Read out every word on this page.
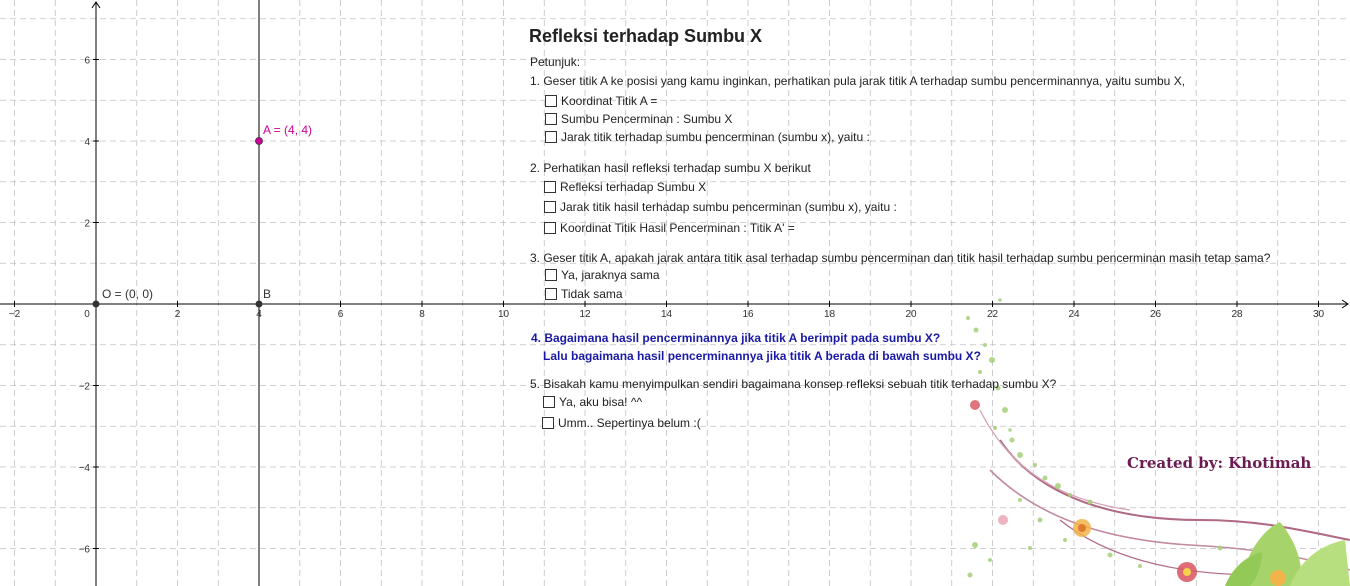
−2	0	2	4	6	8	10	12	14	16	18	20	22	24	26	28	30
6
4
2
−2
−4
−6
O = (0, 0)	B
A = (4, 4)
Refleksi terhadap Sumbu X
Petunjuk:
1. Geser titik A ke posisi yang kamu inginkan, perhatikan pula jarak titik A terhadap sumbu pencerminannya, yaitu sumbu X,
Koordinat Titik A =
Sumbu Pencerminan : Sumbu X
Jarak titik terhadap sumbu pencerminan (sumbu x), yaitu :
2. Perhatikan hasil refleksi terhadap sumbu X berikut
Refleksi terhadap Sumbu X
Jarak titik hasil terhadap sumbu pencerminan (sumbu x), yaitu :
Koordinat Titik Hasil Pencerminan : Titik A' =
3. Geser titik A, apakah jarak antara titik asal terhadap sumbu pencerminan dan titik hasil terhadap sumbu pencerminan masih tetap sama?
Ya, jaraknya sama
Tidak sama
4. Bagaimana hasil pencerminannya jika titik A berimpit pada sumbu X?
Lalu bagaimana hasil pencerminannya jika titik A berada di bawah sumbu X?
5. Bisakah kamu menyimpulkan sendiri bagaimana konsep refleksi sebuah titik terhadap sumbu X?
Ya, aku bisa! ^^
Umm.. Sepertinya belum :(
Created by: Khotimah
